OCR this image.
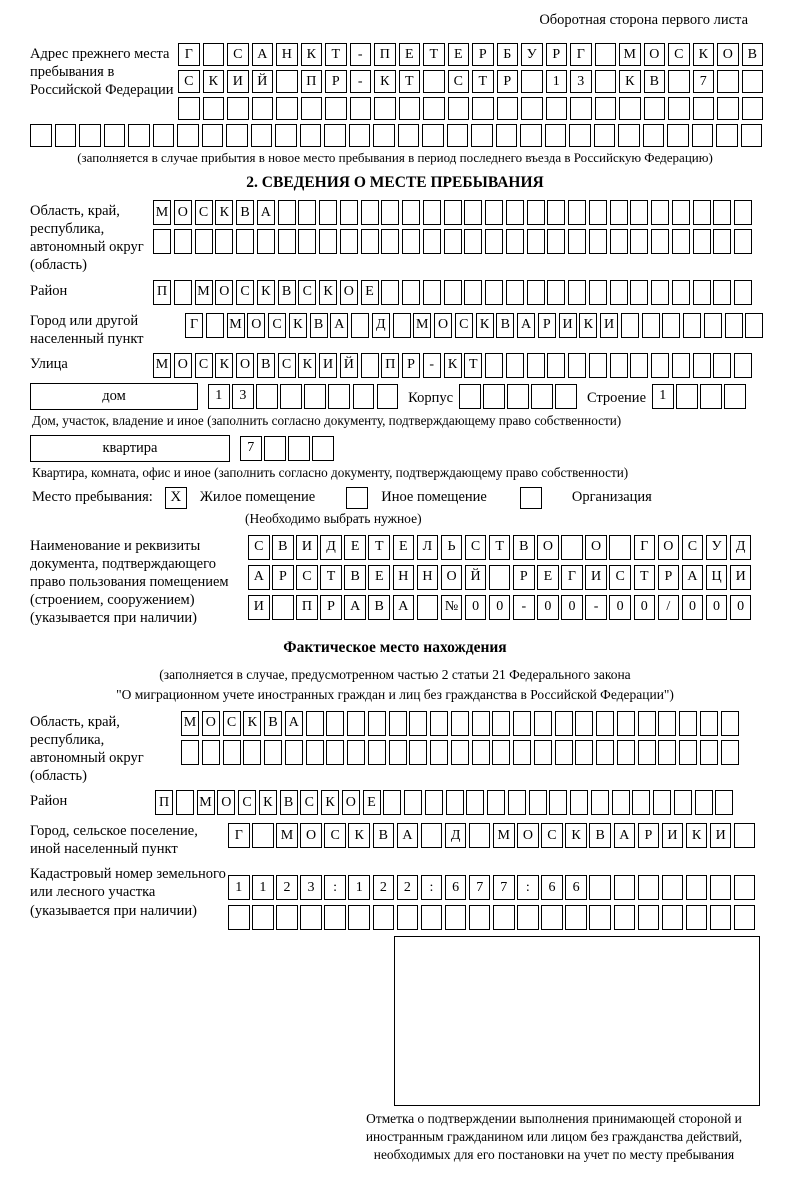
Оборотная сторона первого листа
Адрес прежнего места пребывания в Российской Федерации
Г	С	А	Н	К	Т	-	П	Е	Т	Е	Р	Б	У	Р	Г	М О	С	К	О	В
С	К	И	Й	П	Р	-	К	Т	С	Т	Р	1	3	К	В	7
(заполняется в случае прибытия в новое место пребывания в период последнего въезда в Российскую Федерацию)
2. СВЕДЕНИЯ О МЕСТЕ ПРЕБЫВАНИЯ
Область, край, республика, автономный округ (область)
М О С К В А
Район	П М О С К В С К О Е
Город или другой населенный пункт
Г	М О С К В А	Д	М О С К В А Р И К И
Улица	М О С К О В С К И Й П Р	- К Т
дом	1	3	Корпус	Строение 1
Дом, участок, владение и иное (заполнить согласно документу, подтверждающему право собственности)
квартира	7
Квартира, комната, офис и иное (заполнить согласно документу, подтверждающему право собственности)
Место пребывания:	X	Жилое помещение	Иное помещение	Организация
(Необходимо выбрать нужное)
Наименование и реквизиты документа, подтверждающего право пользования помещением (строением, сооружением) (указывается при наличии)
С	В	И	Д	Е	Т	Е	Л	Ь	С	Т	В	О	О	Г	О	С	У	Д
А	Р	С	Т	В	Е	Н Н О Й	Р	Е	Г	И	С	Т	Р	А Ц И
И	П	Р	А	В	А	№ 0	0	-	0	0	-	0	0	/	0	0	0
Фактическое место нахождения
(заполняется в случае, предусмотренном частью 2 статьи 21 Федерального закона
"О миграционном учете иностранных граждан и лиц без гражданства в Российской Федерации")
Область, край, республика, автономный округ (область)
М О С К В А
Район	П М О С К В С К О Е
Город, сельское поселение, иной населенный пункт
Г	М О	С	К	В	А	Д	М О	С	К	В	А	Р	И	К	И
Кадастровый номер земельного или лесного участка (указывается при наличии)
1	1	2	3	:	1	2	2	:	6	7	7	:	6	6
Отметка о подтверждении выполнения принимающей стороной и иностранным гражданином или лицом без гражданства действий, необходимых для его постановки на учет по месту пребывания
